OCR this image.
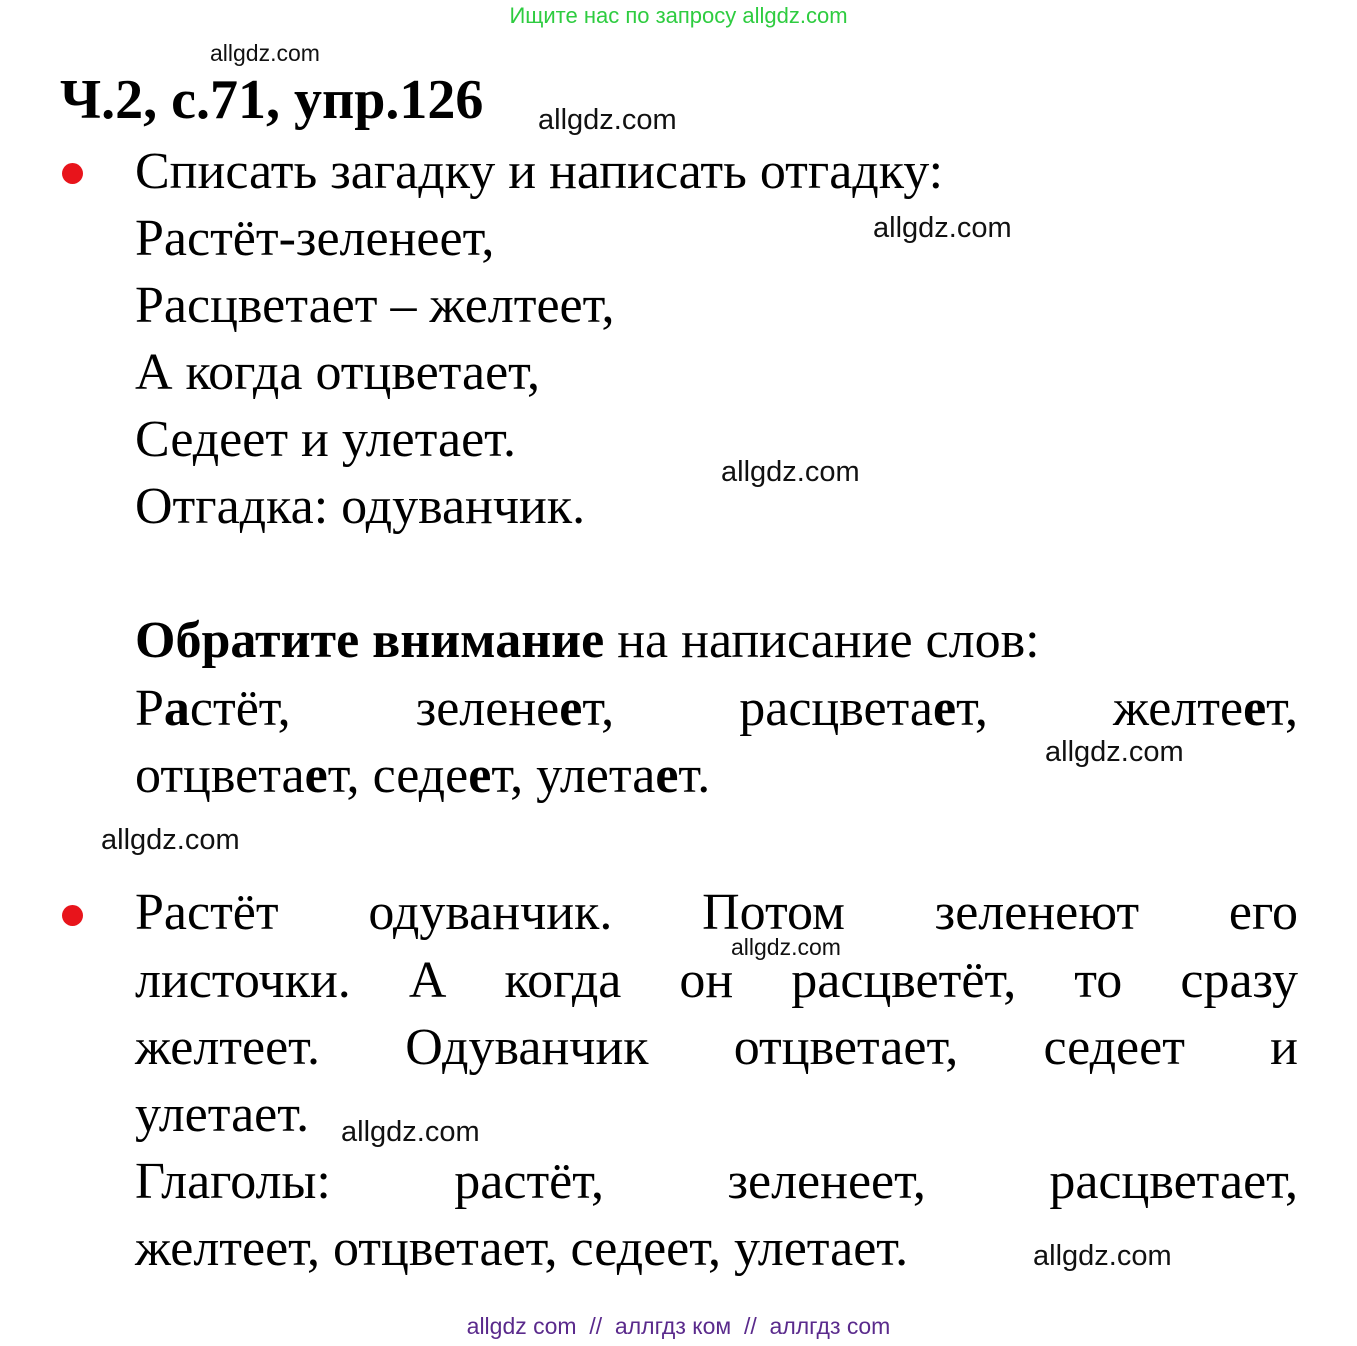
Ищите нас по запросу allgdz.com
allgdz.com
Ч.2, с.71, упр.126 allgdz.com
Списать загадку и написать отгадку:
Растёт-зеленеет,	allgdz.com
Расцветает – желтеет,
А когда отцветает,
Седеет и улетает.
allgdz.com
Отгадка: одуванчик.
Обратите внимание на написание слов:
Растёт, зеленеет, расцветает, желтеет,
allgdz.com
отцветает, седеет, улетает.
allgdz.com
Растёт одуванчик. Потом зеленеют его
allgdz.com
листочки. А когда он расцветёт, то сразу
желтеет. Одуванчик отцветает, седеет и
улетает. allgdz.com
Глаголы: растёт, зеленеет, расцветает,
желтеет, отцветает, седеет, улетает.	allgdz.com
allgdz com  //  аллгдз ком  //  аллгдз com
